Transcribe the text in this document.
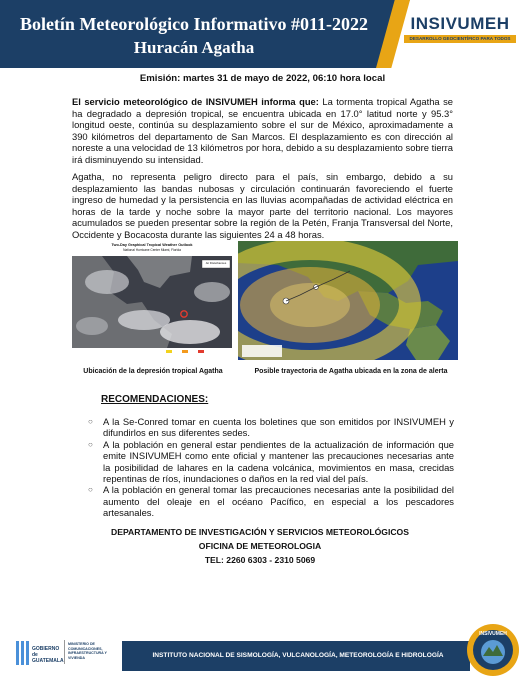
Boletín Meteorológico Informativo #011-2022
Huracán Agatha
INSIVUMEH
DESARROLLO GEOCIENTÍFICO PARA TODOS
Emisión: martes 31 de mayo de 2022, 06:10 hora local

El servicio meteorológico de INSIVUMEH informa que: La tormenta tropical Agatha se ha degradado a depresión tropical, se encuentra ubicada en 17.0° latitud norte y 95.3° longitud oeste, continúa su desplazamiento sobre el sur de México, aproximadamente a 390 kilómetros del departamento de San Marcos. El desplazamiento es con dirección al noreste a una velocidad de 13 kilómetros por hora, debido a su desplazamiento sobre tierra irá disminuyendo su intensidad.

Agatha, no representa peligro directo para el país, sin embargo, debido a su desplazamiento las bandas nubosas y circulación continuarán favoreciendo el fuerte ingreso de humedad y la persistencia en las lluvias acompañadas de actividad eléctrica en horas de la tarde y noche sobre la mayor parte del territorio nacional. Los mayores acumulados se pueden presentar sobre la región de la Petén, Franja Transversal del Norte, Occidente y Bocacosta durante las siguientes 24 a 48 horas.

Two-Day Graphical Tropical Weather Outlook
National Hurricane Center Miami, Florida
Air Disturbances
Ubicación de la depresión tropical Agatha	Posible trayectoria de Agatha ubicada en la zona de alerta
RECOMENDACIONES:
○ A la Se-Conred tomar en cuenta los boletines que son emitidos por INSIVUMEH y difundirlos en sus diferentes sedes.
○ A la población en general estar pendientes de la actualización de información que emite INSIVUMEH como ente oficial y mantener las precauciones necesarias ante la posibilidad de lahares en la cadena volcánica, movimientos en masa, crecidas repentinas de ríos, inundaciones o daños en la red vial del país.
○ A la población en general tomar las precauciones necesarias ante la posibilidad del aumento del oleaje en el océano Pacífico, en especial a los pescadores artesanales.
DEPARTAMENTO DE INVESTIGACIÓN Y SERVICIOS METEOROLÓGICOS
OFICINA DE METEOROLOGIA
TEL: 2260 6303 - 2310 5069
GOBIERNO de GUATEMALA
MINISTERIO DE COMUNICACIONES, INFRAESTRUCTURA Y VIVIENDA	INSTITUTO NACIONAL DE SISMOLOGÍA, VULCANOLOGÍA, METEOROLOGÍA E HIDROLOGÍA
INSIVUMEH
